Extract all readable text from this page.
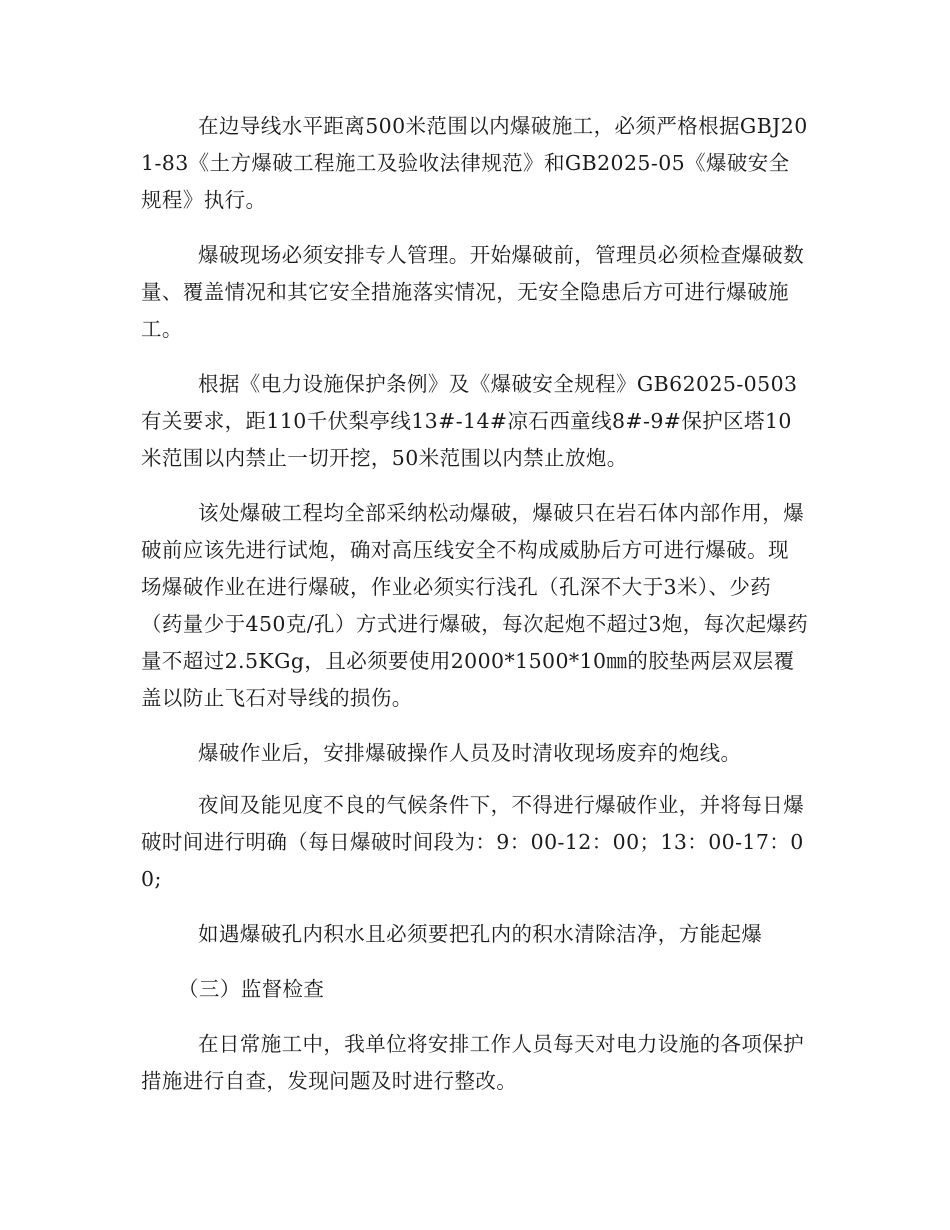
在边导线水平距离500米范围以内爆破施工，必须严格根据GBJ201-83《土方爆破工程施工及验收法律规范》和GB2025-05《爆破安全规程》执行。

爆破现场必须安排专人管理。开始爆破前，管理员必须检查爆破数量、覆盖情况和其它安全措施落实情况，无安全隐患后方可进行爆破施工。

根据《电力设施保护条例》及《爆破安全规程》GB62025-0503有关要求，距110千伏梨亭线13#-14#凉石西童线8#-9#保护区塔10米范围以内禁止一切开挖，50米范围以内禁止放炮。

该处爆破工程均全部采纳松动爆破，爆破只在岩石体内部作用，爆破前应该先进行试炮，确对高压线安全不构成威胁后方可进行爆破。现场爆破作业在进行爆破，作业必须实行浅孔（孔深不大于3米）、少药（药量少于450克/孔）方式进行爆破，每次起炮不超过3炮，每次起爆药量不超过2.5KGg，且必须要使用2000*1500*10㎜的胶垫两层双层覆盖以防止飞石对导线的损伤。

爆破作业后，安排爆破操作人员及时清收现场废弃的炮线。

夜间及能见度不良的气候条件下，不得进行爆破作业，并将每日爆破时间进行明确（每日爆破时间段为：9：00-12：00；13：00-17：00;

如遇爆破孔内积水且必须要把孔内的积水清除洁净，方能起爆

（三）监督检查

在日常施工中，我单位将安排工作人员每天对电力设施的各项保护措施进行自查，发现问题及时进行整改。
